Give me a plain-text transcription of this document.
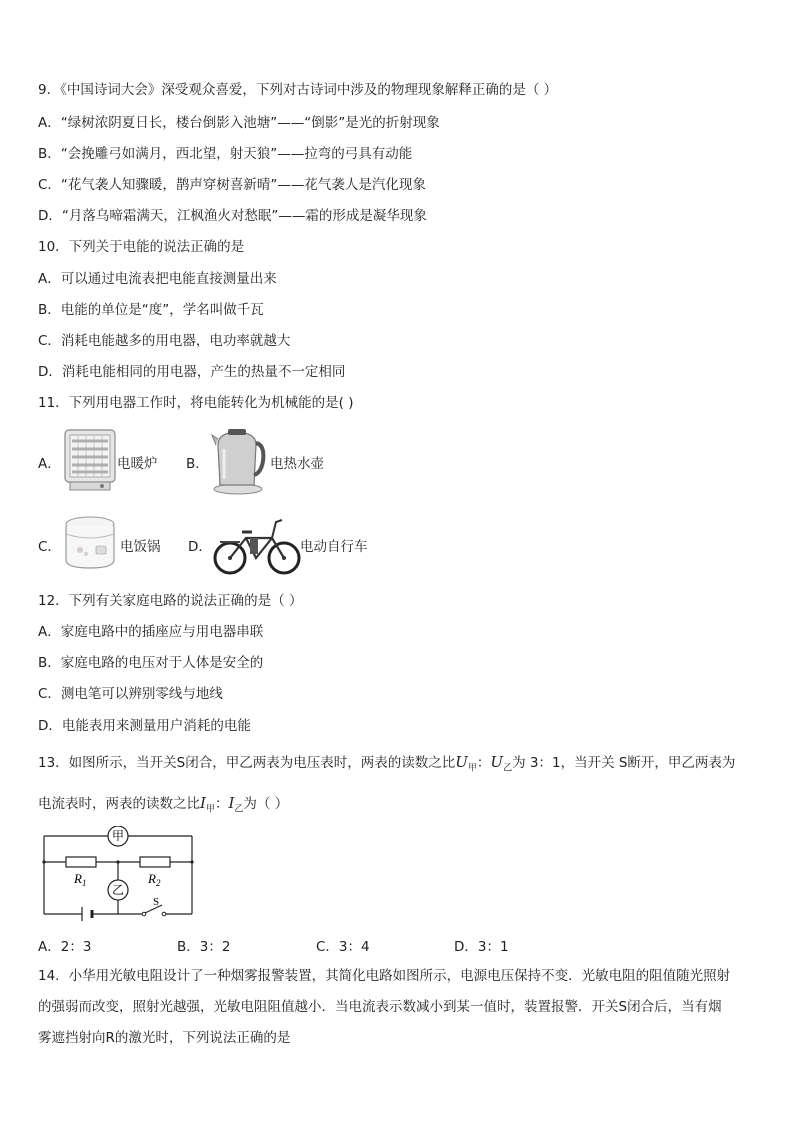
9．《中国诗词大会》深受观众喜爱，下列对古诗词中涉及的物理现象解释正确的是（ ）
A．“绿树浓阴夏日长，楼台倒影入池塘”——“倒影”是光的折射现象
B．“会挽雕弓如满月，西北望，射天狼”——拉弯的弓具有动能
C．“花气袭人知骤暖，鹊声穿树喜新晴”——花气袭人是汽化现象
D．“月落乌啼霜满天，江枫渔火对愁眠”——霜的形成是凝华现象
10．下列关于电能的说法正确的是
A．可以通过电流表把电能直接测量出来
B．电能的单位是“度”，学名叫做千瓦
C．消耗电能越多的用电器，电功率就越大
D．消耗电能相同的用电器，产生的热量不一定相同
11．下列用电器工作时，将电能转化为机械能的是( )
A．	电暖炉 B．	电热水壶
C．	电饭锅 D．	电动自行车
12．下列有关家庭电路的说法正确的是（ ）
A．家庭电路中的插座应与用电器串联
B．家庭电路的电压对于人体是安全的
C．测电笔可以辨别零线与地线
D．电能表用来测量用户消耗的电能
13．如图所示，当开关S闭合，甲乙两表为电压表时，两表的读数之比$U_甲$：$U_乙$为 3：1，当开关 S断开，甲乙两表为
电流表时，两表的读数之比$I_甲$：$I_乙$为（ ）
甲
乙
$R_1$	$R_2$
S
A．2：3	B．3：2	C．3：4	D．3：1
14．小华用光敏电阻设计了一种烟雾报警装置，其简化电路如图所示，电源电压保持不变．光敏电阻的阻值随光照射
的强弱而改变，照射光越强，光敏电阻阻值越小．当电流表示数减小到某一值时，装置报警．开关S闭合后，当有烟
雾遮挡射向R的激光时，下列说法正确的是
